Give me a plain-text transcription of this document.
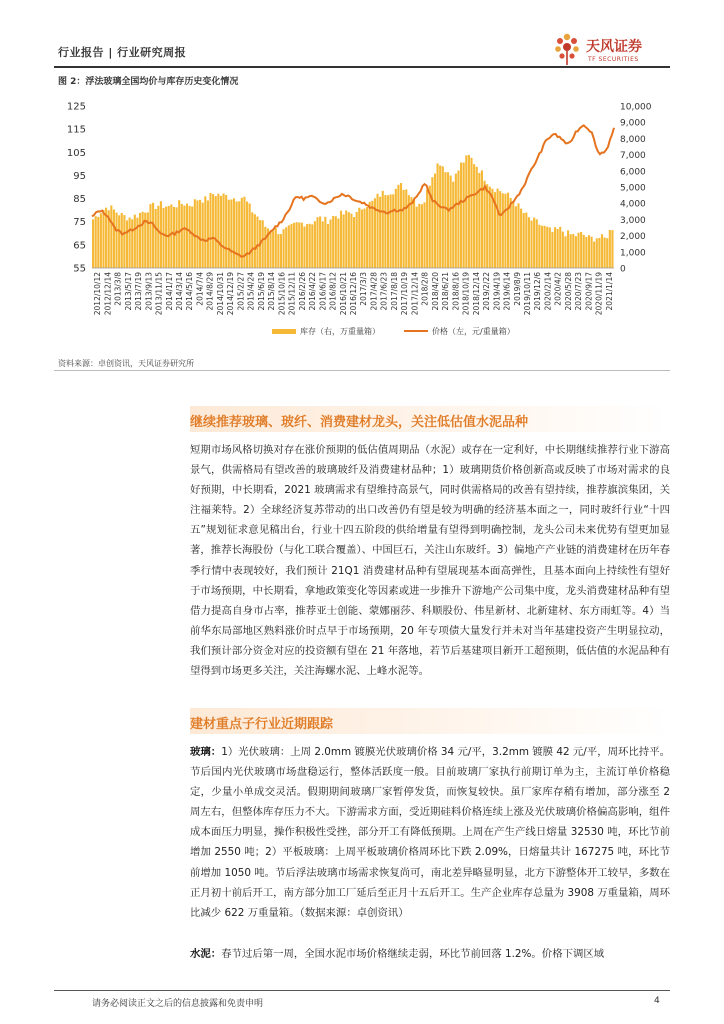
行业报告 | 行业研究周报	天风证券
TF SECURITIES
图 2：浮法玻璃全国均价与库存历史变化情况
55
65
75
85
95
105
115
125
0
1,000
2,000
3,000
4,000
5,000
6,000
7,000
8,000
9,000
10,000
2012/10/12 2012/12/14 2013/3/8 2013/5/17 2013/7/19 2013/9/13 2013/11/15 2014/1/17 2014/3/14 2014/5/16 2014/7/4 2014/8/29 2014/10/31 2014/12/19 2015/2/27 2015/4/24 2015/6/19 2015/8/14 2015/10/16 2015/12/11 2016/2/26 2016/4/22 2016/6/17 2016/8/12 2016/10/21 2016/12/16 2017/3/3 2017/4/28 2017/6/23 2017/8/18 2017/10/19 2017/12/14 2018/2/8 2018/4/20 2018/6/21 2018/8/16 2018/10/19 2018/12/14 2019/2/22 2019/4/19 2019/6/14 2019/8/9 2019/10/11 2019/12/6 2020/2/14 2020/4/2 2020/5/28 2020/7/23 2020/9/17 2020/11/19 2021/1/14
库存（右，万重量箱）	价格（左，元/重量箱）
资料来源：卓创资讯，天风证券研究所
继续推荐玻璃、玻纤、消费建材龙头，关注低估值水泥品种
短期市场风格切换对存在涨价预期的低估值周期品（水泥）或存在一定利好，中长期继续推荐行业下游高景气，供需格局有望改善的玻璃玻纤及消费建材品种；1）玻璃期货价格创新高或反映了市场对需求的良好预期，中长期看，2021 玻璃需求有望维持高景气，同时供需格局的改善有望持续，推荐旗滨集团，关注福莱特。2）全球经济复苏带动的出口改善仍有望是较为明确的经济基本面之一，同时玻纤行业“十四五”规划征求意见稿出台，行业十四五阶段的供给增量有望得到明确控制，龙头公司未来优势有望更加显著，推荐长海股份（与化工联合覆盖）、中国巨石，关注山东玻纤。3）偏地产产业链的消费建材在历年春季行情中表现较好，我们预计 21Q1 消费建材品种有望展现基本面高弹性，且基本面向上持续性有望好于市场预期，中长期看，拿地政策变化等因素或进一步推升下游地产公司集中度，龙头消费建材品种有望借力提高自身市占率，推荐亚士创能、蒙娜丽莎、科顺股份、伟星新材、北新建材、东方雨虹等。4）当前华东局部地区熟料涨价时点早于市场预期，20 年专项债大量发行并未对当年基建投资产生明显拉动，我们预计部分资金对应的投资额有望在 21 年落地，若节后基建项目新开工超预期，低估值的水泥品种有望得到市场更多关注，关注海螺水泥、上峰水泥等。
建材重点子行业近期跟踪
玻璃：1）光伏玻璃：上周 2.0mm 镀膜光伏玻璃价格 34 元/平，3.2mm 镀膜 42 元/平，周环比持平。节后国内光伏玻璃市场盘稳运行，整体活跃度一般。目前玻璃厂家执行前期订单为主，主流订单价格稳定，少量小单成交灵活。假期期间玻璃厂家暂停发货，而恢复较快。虽厂家库存稍有增加，部分涨至 2 周左右，但整体库存压力不大。下游需求方面，受近期硅料价格连续上涨及光伏玻璃价格偏高影响，组件成本面压力明显，操作积极性受挫，部分开工有降低预期。上周在产生产线日熔量 32530 吨，环比节前增加 2550 吨；2）平板玻璃：上周平板玻璃价格周环比下跌 2.09%，日熔量共计 167275 吨，环比节前增加 1050 吨。节后浮法玻璃市场需求恢复尚可，南北差异略显明显，北方下游整体开工较早，多数在正月初十前后开工，南方部分加工厂延后至正月十五后开工。生产企业库存总量为 3908 万重量箱，周环比减少 622 万重量箱。（数据来源：卓创资讯）
水泥：春节过后第一周，全国水泥市场价格继续走弱，环比节前回落 1.2%。价格下调区域
请务必阅读正文之后的信息披露和免责申明	4
